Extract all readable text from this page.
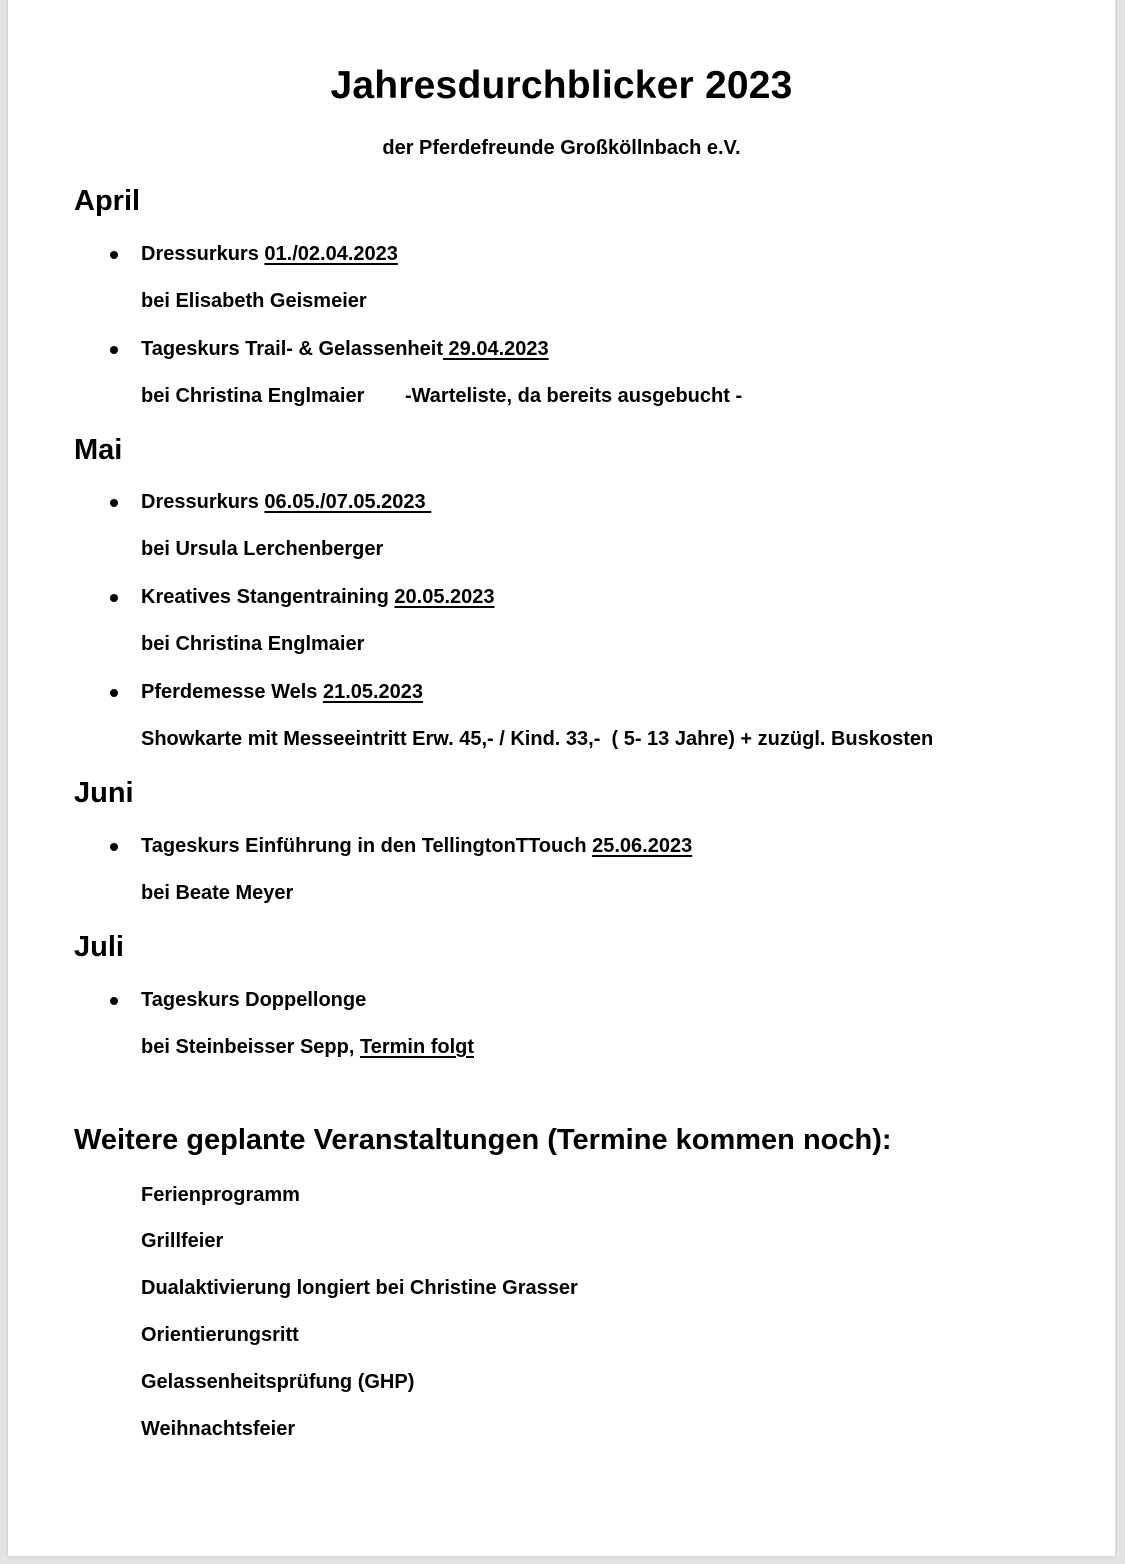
Jahresdurchblicker 2023
der Pferdefreunde Großköllnbach e.V.
April
Dressurkurs 01./02.04.2023
bei Elisabeth Geismeier
Tageskurs Trail- & Gelassenheit 29.04.2023
bei Christina Englmaier -Warteliste, da bereits ausgebucht -
Mai
Dressurkurs 06.05./07.05.2023
bei Ursula Lerchenberger
Kreatives Stangentraining 20.05.2023
bei Christina Englmaier
Pferdemesse Wels 21.05.2023
Showkarte mit Messeeintritt Erw. 45,- / Kind. 33,-  ( 5- 13 Jahre) + zuzügl. Buskosten
Juni
Tageskurs Einführung in den TellingtonTTouch 25.06.2023
bei Beate Meyer
Juli
Tageskurs Doppellonge
bei Steinbeisser Sepp, Termin folgt
Weitere geplante Veranstaltungen (Termine kommen noch):
Ferienprogramm
Grillfeier
Dualaktivierung longiert bei Christine Grasser
Orientierungsritt
Gelassenheitsprüfung (GHP)
Weihnachtsfeier
